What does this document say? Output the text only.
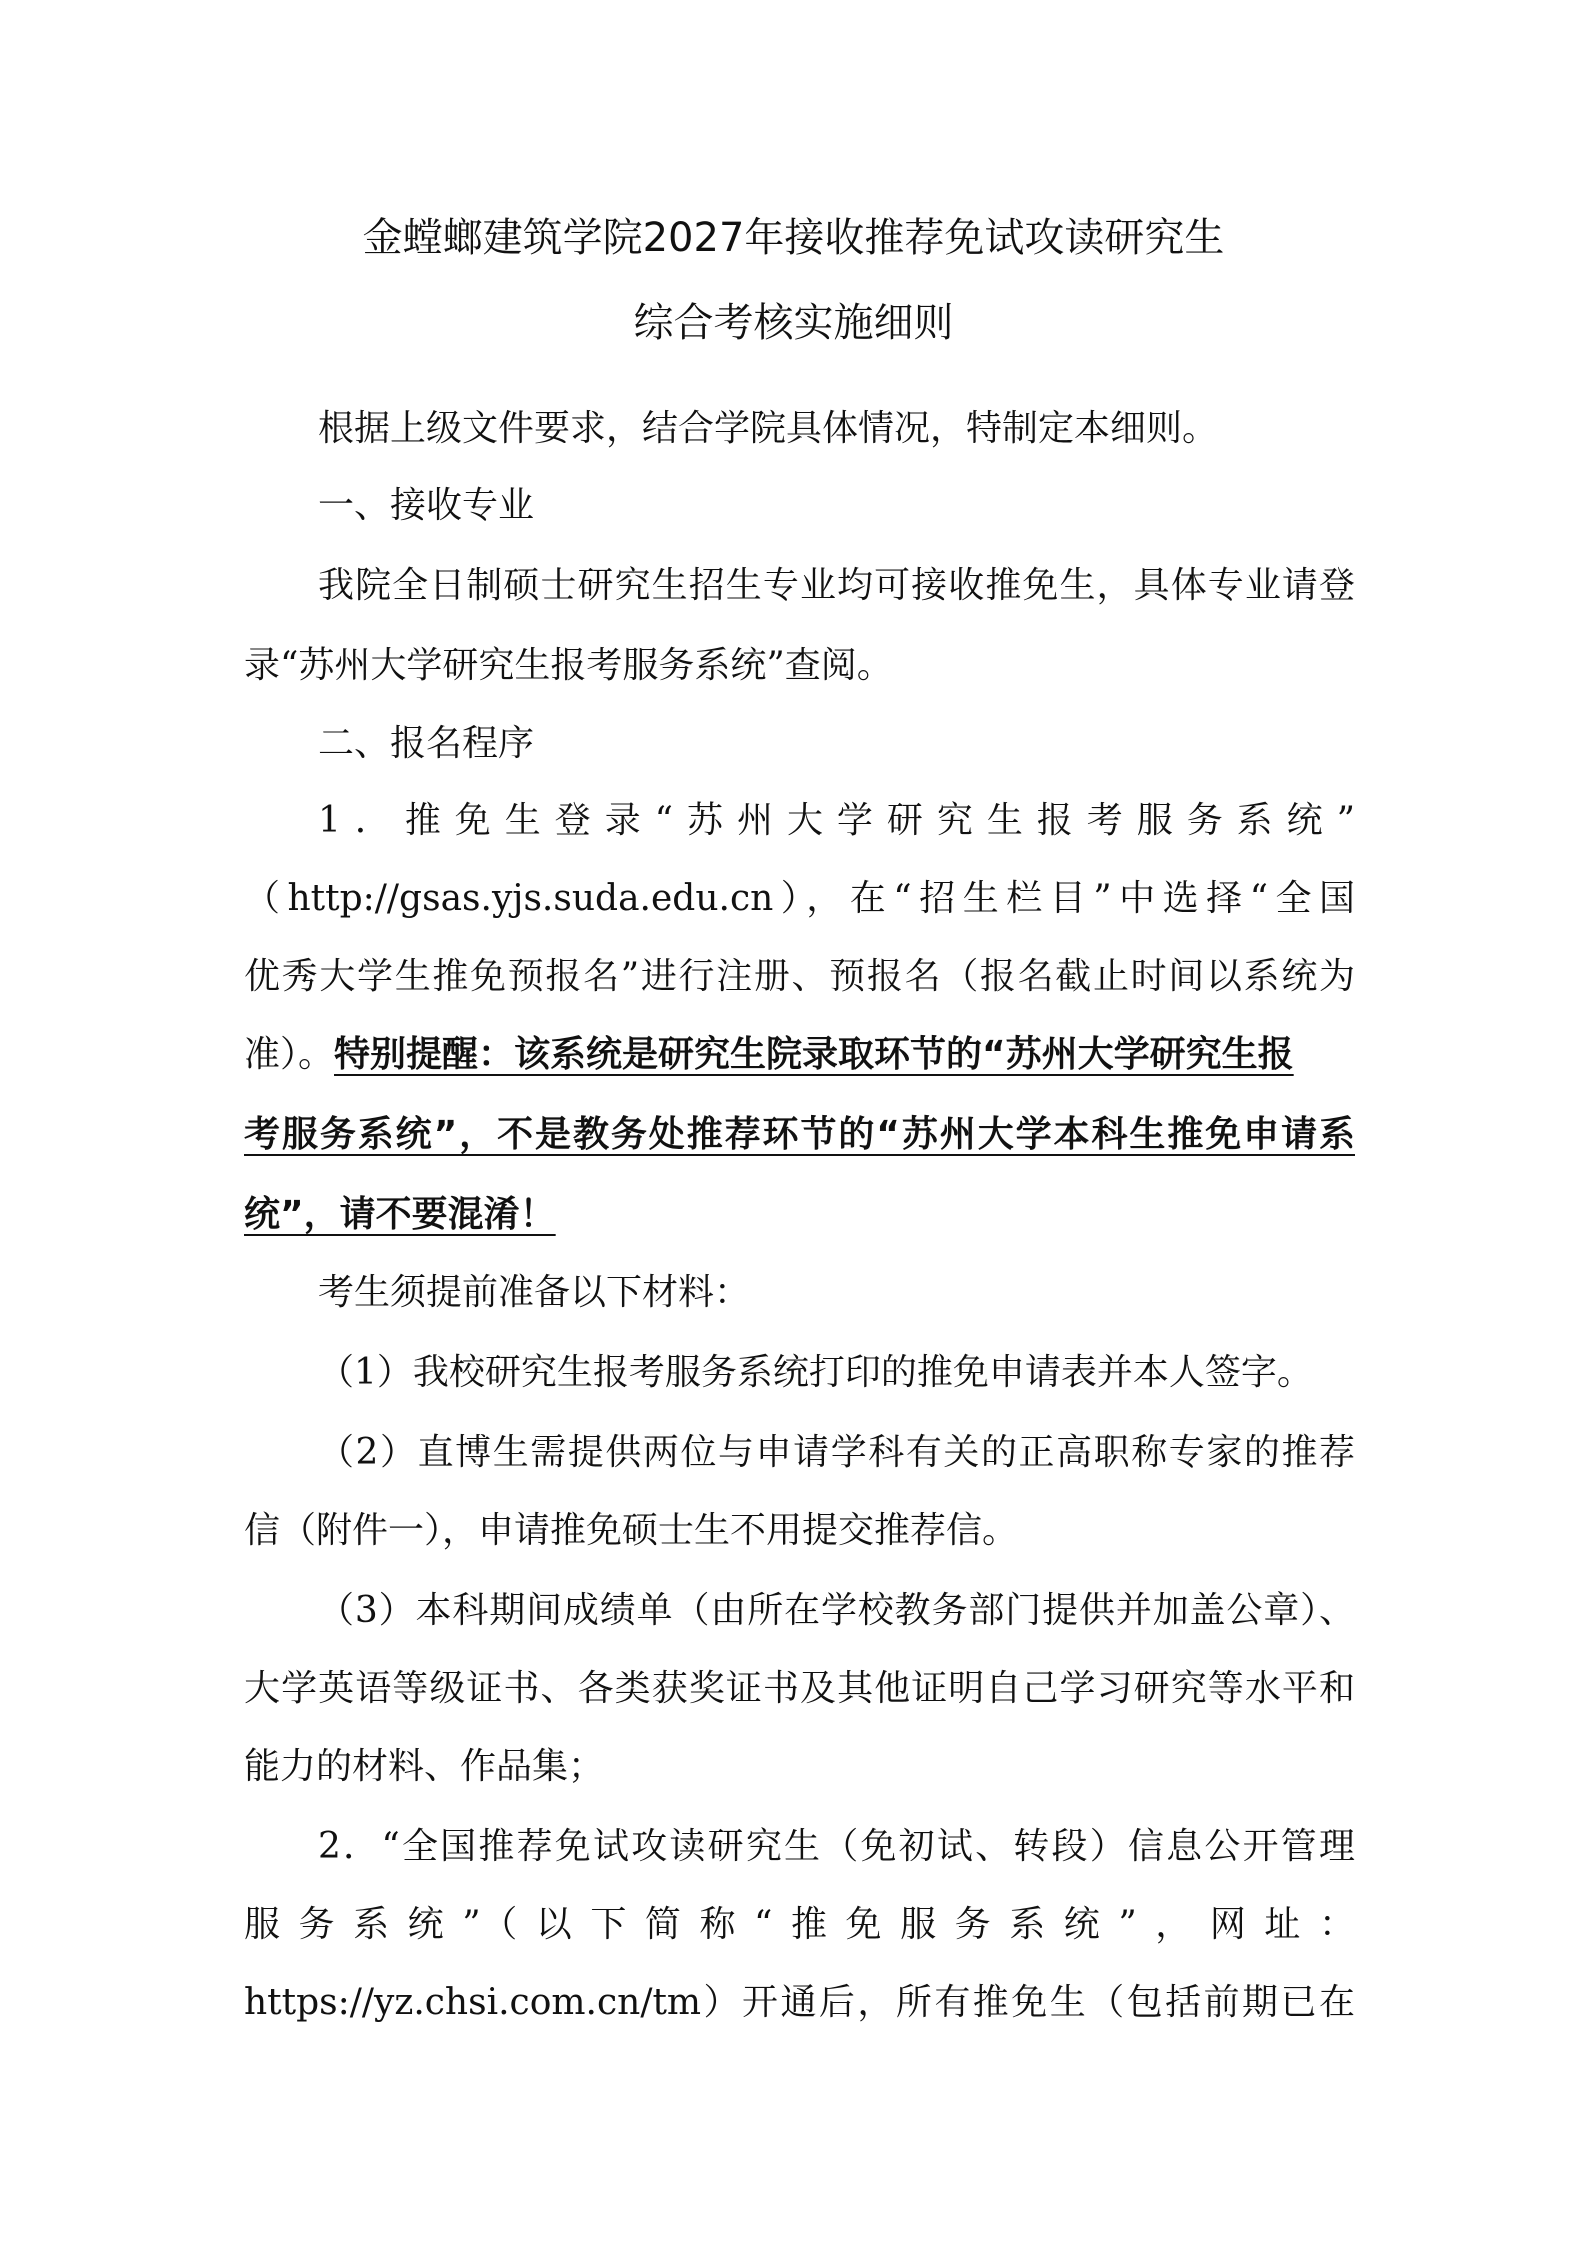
金螳螂建筑学院2027年接收推荐免试攻读研究生
综合考核实施细则
根据上级文件要求，结合学院具体情况，特制定本细则。
一、接收专业
我院全日制硕士研究生招生专业均可接收推免生，具体专业请登
录“苏州大学研究生报考服务系统”查阅。
二、报名程序
1．推免生登录“苏州大学研究生报考服务系统”
（http://gsas.yjs.suda.edu.cn），在“招生栏目”中选择“全国
优秀大学生推免预报名”进行注册、预报名（报名截止时间以系统为
准）。特别提醒：该系统是研究生院录取环节的“苏州大学研究生报
考服务系统”，不是教务处推荐环节的“苏州大学本科生推免申请系
统”，请不要混淆！
考生须提前准备以下材料：
（1）我校研究生报考服务系统打印的推免申请表并本人签字。
（2）直博生需提供两位与申请学科有关的正高职称专家的推荐
信（附件一），申请推免硕士生不用提交推荐信。
（3）本科期间成绩单（由所在学校教务部门提供并加盖公章）、
大学英语等级证书、各类获奖证书及其他证明自己学习研究等水平和
能力的材料、作品集；
2．“全国推荐免试攻读研究生（免初试、转段）信息公开管理
服务系统”（以下简称“推免服务系统”，网址：
https://yz.chsi.com.cn/tm）开通后，所有推免生（包括前期已在
